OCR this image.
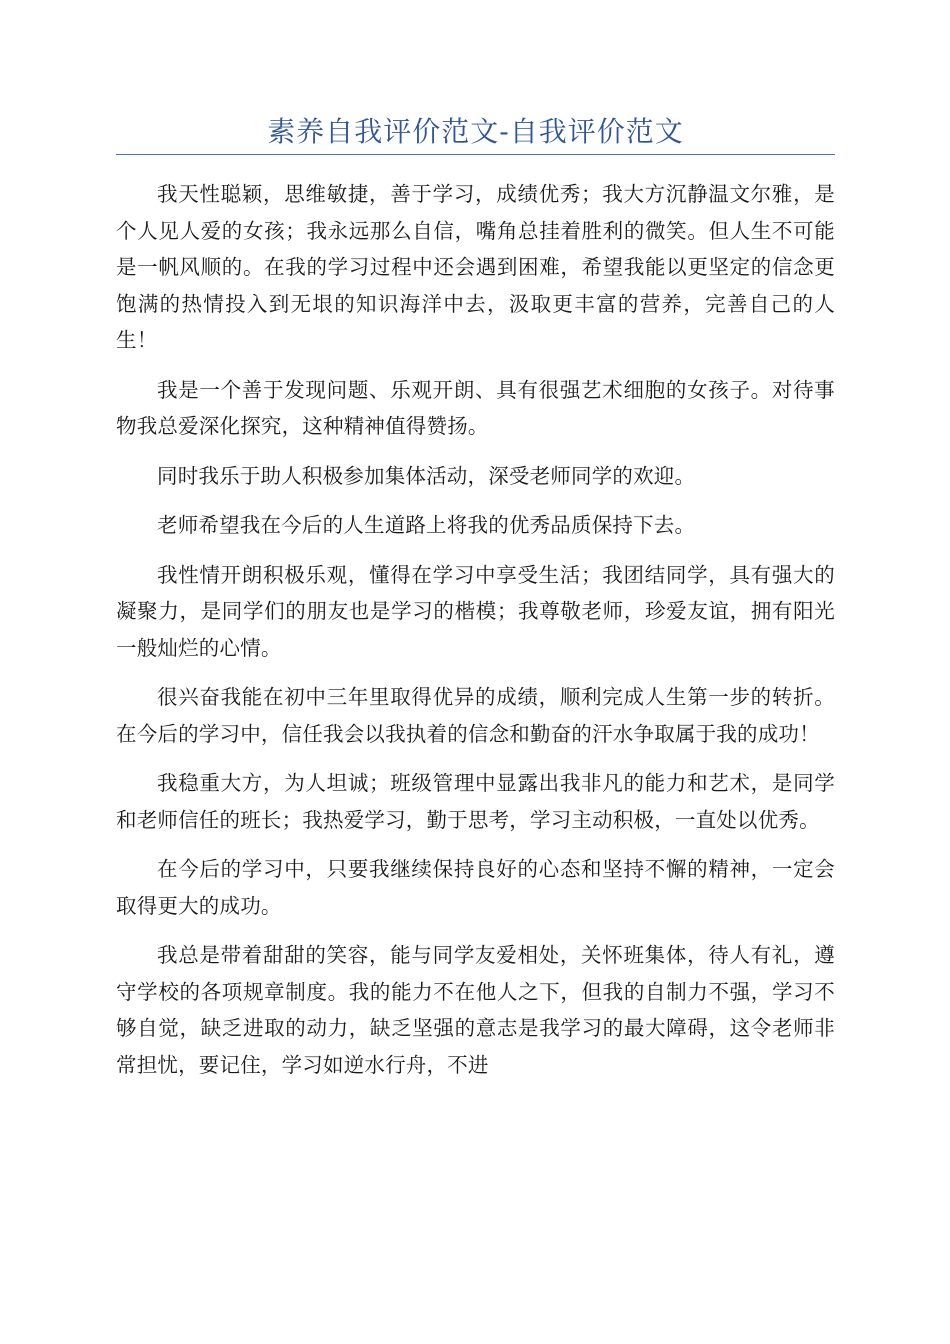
素养自我评价范文-自我评价范文

我天性聪颖，思维敏捷，善于学习，成绩优秀；我大方沉静温文尔雅，是个人见人爱的女孩；我永远那么自信，嘴角总挂着胜利的微笑。但人生不可能是一帆风顺的。在我的学习过程中还会遇到困难，希望我能以更坚定的信念更饱满的热情投入到无垠的知识海洋中去，汲取更丰富的营养，完善自己的人生！

我是一个善于发现问题、乐观开朗、具有很强艺术细胞的女孩子。对待事物我总爱深化探究，这种精神值得赞扬。

同时我乐于助人积极参加集体活动，深受老师同学的欢迎。

老师希望我在今后的人生道路上将我的优秀品质保持下去。

我性情开朗积极乐观，懂得在学习中享受生活；我团结同学，具有强大的凝聚力，是同学们的朋友也是学习的楷模；我尊敬老师，珍爱友谊，拥有阳光一般灿烂的心情。

很兴奋我能在初中三年里取得优异的成绩，顺利完成人生第一步的转折。在今后的学习中，信任我会以我执着的信念和勤奋的汗水争取属于我的成功！

我稳重大方，为人坦诚；班级管理中显露出我非凡的能力和艺术，是同学和老师信任的班长；我热爱学习，勤于思考，学习主动积极，一直处以优秀。

在今后的学习中，只要我继续保持良好的心态和坚持不懈的精神，一定会取得更大的成功。

我总是带着甜甜的笑容，能与同学友爱相处，关怀班集体，待人有礼，遵守学校的各项规章制度。我的能力不在他人之下，但我的自制力不强，学习不够自觉，缺乏进取的动力，缺乏坚强的意志是我学习的最大障碍，这令老师非常担忧，要记住，学习如逆水行舟，不进
